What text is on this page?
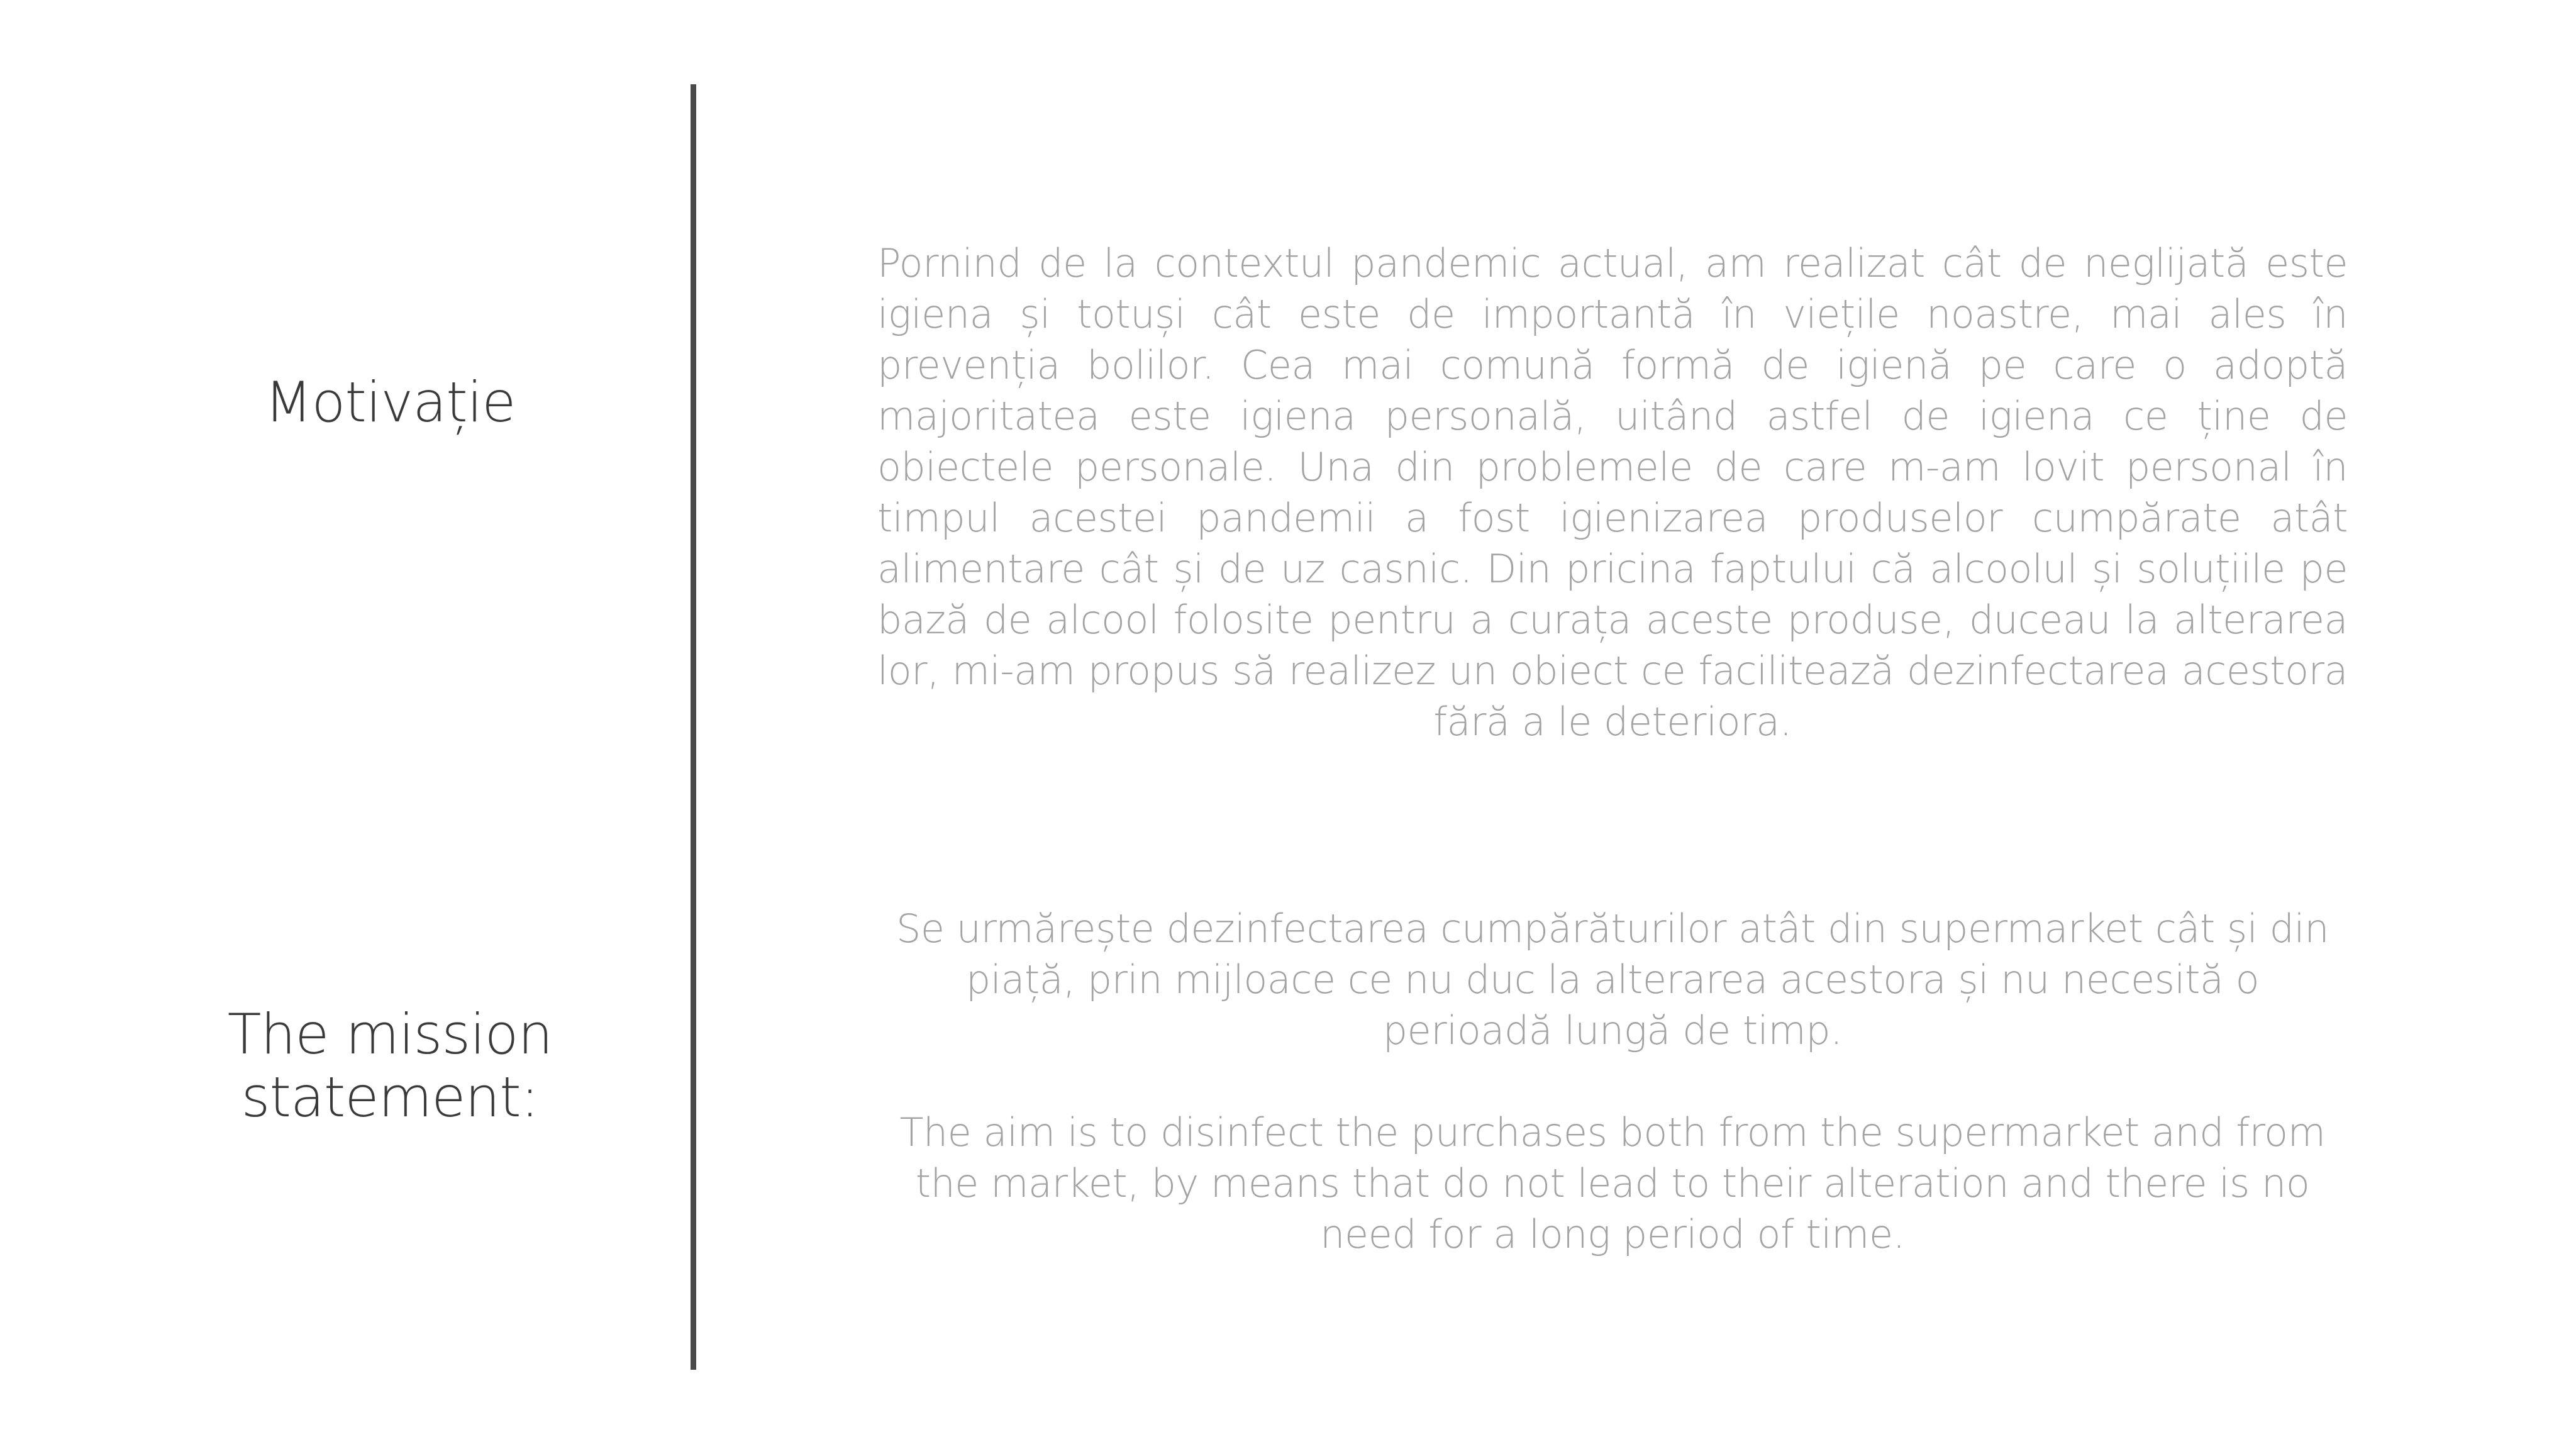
Motivație

Pornind de la contextul pandemic actual, am realizat cât de neglijată este igiena și totuși cât este de importantă în viețile noastre, mai ales în prevenția bolilor. Cea mai comună formă de igienă pe care o adoptă majoritatea este igiena personală, uitând astfel de igiena ce ține de obiectele personale. Una din problemele de care m-am lovit personal în timpul acestei pandemii a fost igienizarea produselor cumpărate atât alimentare cât și de uz casnic. Din pricina faptului că alcoolul și soluțiile pe bază de alcool folosite pentru a curața aceste produse, duceau la alterarea lor, mi-am propus să realizez un obiect ce facilitează dezinfectarea acestora fără a le deteriora.

The mission statement:

Se urmărește dezinfectarea cumpărăturilor atât din supermarket cât și din piață, prin mijloace ce nu duc la alterarea acestora și nu necesită o perioadă lungă de timp.

The aim is to disinfect the purchases both from the supermarket and from the market, by means that do not lead to their alteration and there is no need for a long period of time.
